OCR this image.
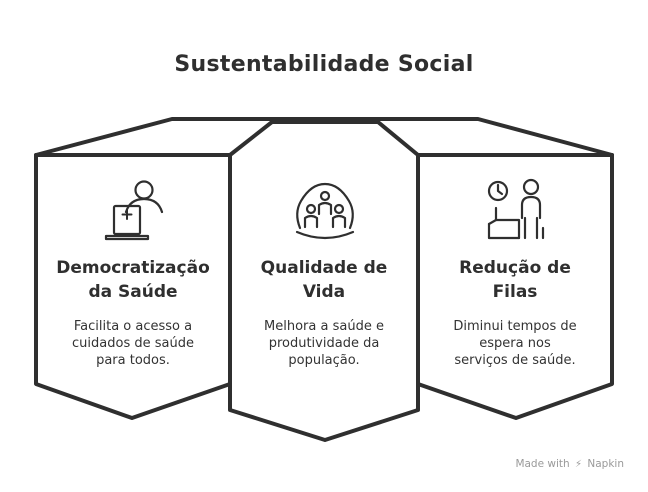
Sustentabilidade Social
Democratização
da Saúde
Facilita o acesso a
cuidados de saúde
para todos.
Qualidade de
Vida
Melhora a saúde e
produtividade da
população.
Redução de
Filas
Diminui tempos de
espera nos
serviços de saúde.
Made with ⚡ Napkin
